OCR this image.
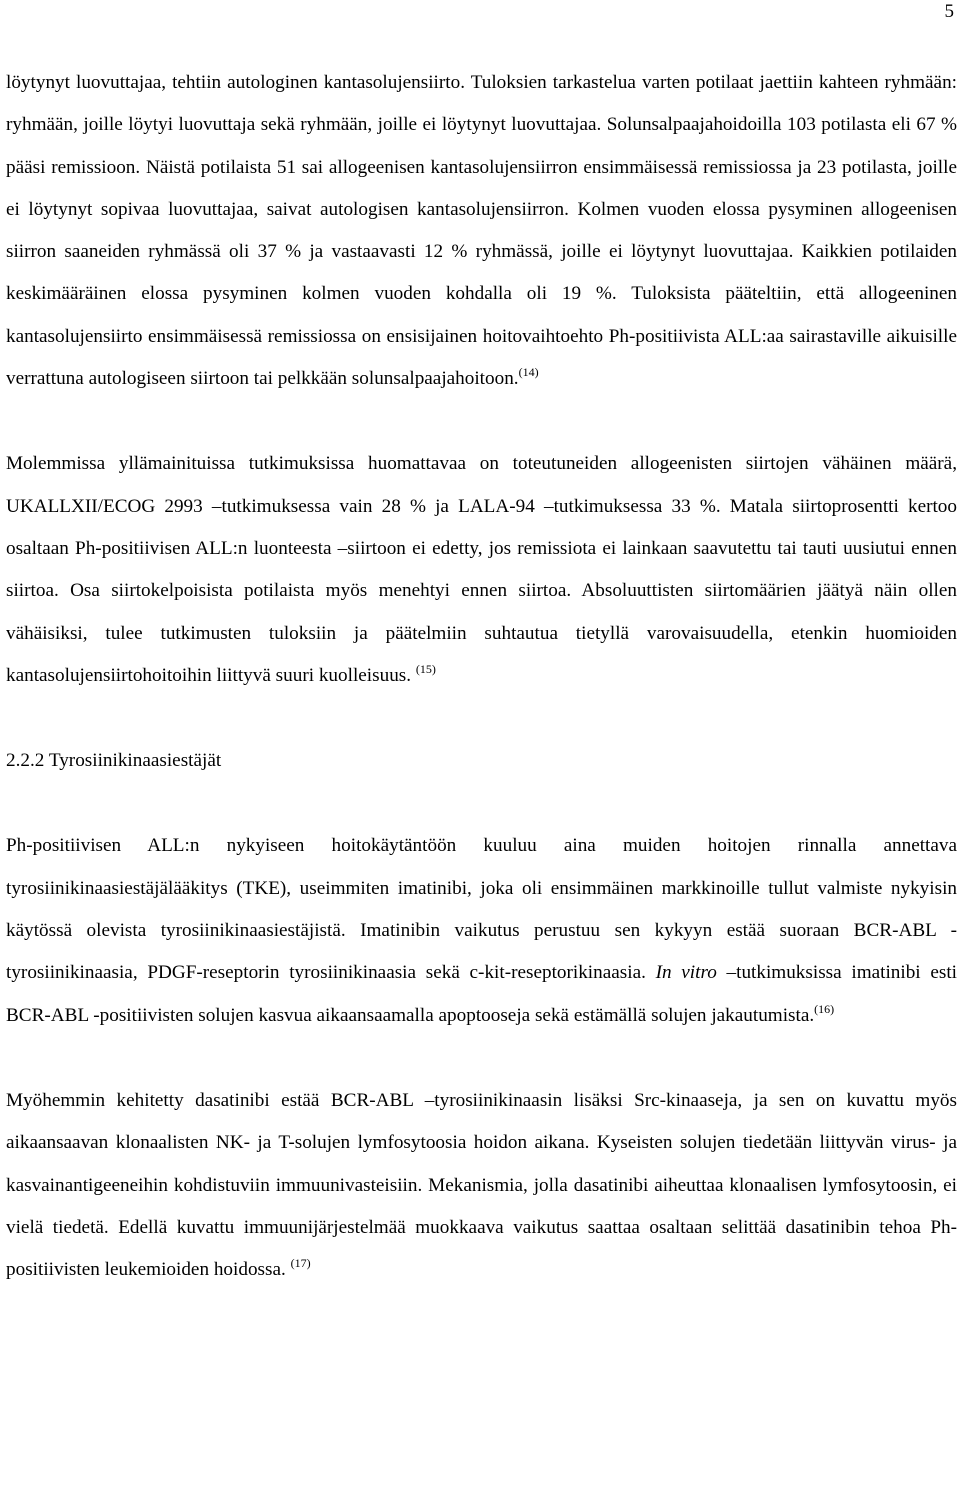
5

löytynyt luovuttajaa, tehtiin autologinen kantasolujensiirto. Tuloksien tarkastelua varten potilaat jaettiin kahteen ryhmään: ryhmään, joille löytyi luovuttaja sekä ryhmään, joille ei löytynyt luovuttajaa. Solunsalpaajahoidoilla 103 potilasta eli 67 % pääsi remissioon. Näistä potilaista 51 sai allogeenisen kantasolujensiirron ensimmäisessä remissiossa ja 23 potilasta, joille ei löytynyt sopivaa luovuttajaa, saivat autologisen kantasolujensiirron. Kolmen vuoden elossa pysyminen allogeenisen siirron saaneiden ryhmässä oli 37 % ja vastaavasti 12 % ryhmässä, joille ei löytynyt luovuttajaa. Kaikkien potilaiden keskimääräinen elossa pysyminen kolmen vuoden kohdalla oli 19 %. Tuloksista pääteltiin, että allogeeninen kantasolujensiirto ensimmäisessä remissiossa on ensisijainen hoitovaihtoehto Ph-positiivista ALL:aa sairastaville aikuisille verrattuna autologiseen siirtoon tai pelkkään solunsalpaajahoitoon.$^{(14)}$

Molemmissa yllämainituissa tutkimuksissa huomattavaa on toteutuneiden allogeenisten siirtojen vähäinen määrä, UKALLXII/ECOG 2993 –tutkimuksessa vain 28 % ja LALA-94 –tutkimuksessa 33 %. Matala siirtoprosentti kertoo osaltaan Ph-positiivisen ALL:n luonteesta –siirtoon ei edetty, jos remissiota ei lainkaan saavutettu tai tauti uusiutui ennen siirtoa. Osa siirtokelpoisista potilaista myös menehtyi ennen siirtoa. Absoluuttisten siirtomäärien jäätyä näin ollen vähäisiksi, tulee tutkimusten tuloksiin ja päätelmiin suhtautua tietyllä varovaisuudella, etenkin huomioiden kantasolujensiirtohoitoihin liittyvä suuri kuolleisuus. $^{(15)}$

2.2.2 Tyrosiinikinaasiestäjät

Ph-positiivisen ALL:n nykyiseen hoitokäytäntöön kuuluu aina muiden hoitojen rinnalla annettava tyrosiinikinaasiestäjälääkitys (TKE), useimmiten imatinibi, joka oli ensimmäinen markkinoille tullut valmiste nykyisin käytössä olevista tyrosiinikinaasiestäjistä. Imatinibin vaikutus perustuu sen kykyyn estää suoraan BCR-ABL -tyrosiinikinaasia, PDGF-reseptorin tyrosiinikinaasia sekä c-kit-reseptorikinaasia. In vitro –tutkimuksissa imatinibi esti BCR-ABL -positiivisten solujen kasvua aikaansaamalla apoptooseja sekä estämällä solujen jakautumista.$^{(16)}$

Myöhemmin kehitetty dasatinibi estää BCR-ABL –tyrosiinikinaasin lisäksi Src-kinaaseja, ja sen on kuvattu myös aikaansaavan klonaalisten NK- ja T-solujen lymfosytoosia hoidon aikana. Kyseisten solujen tiedetään liittyvän virus- ja kasvainantigeeneihin kohdistuviin immuunivasteisiin. Mekanismia, jolla dasatinibi aiheuttaa klonaalisen lymfosytoosin, ei vielä tiedetä. Edellä kuvattu immuunijärjestelmää muokkaava vaikutus saattaa osaltaan selittää dasatinibin tehoa Ph-positiivisten leukemioiden hoidossa. $^{(17)}$
